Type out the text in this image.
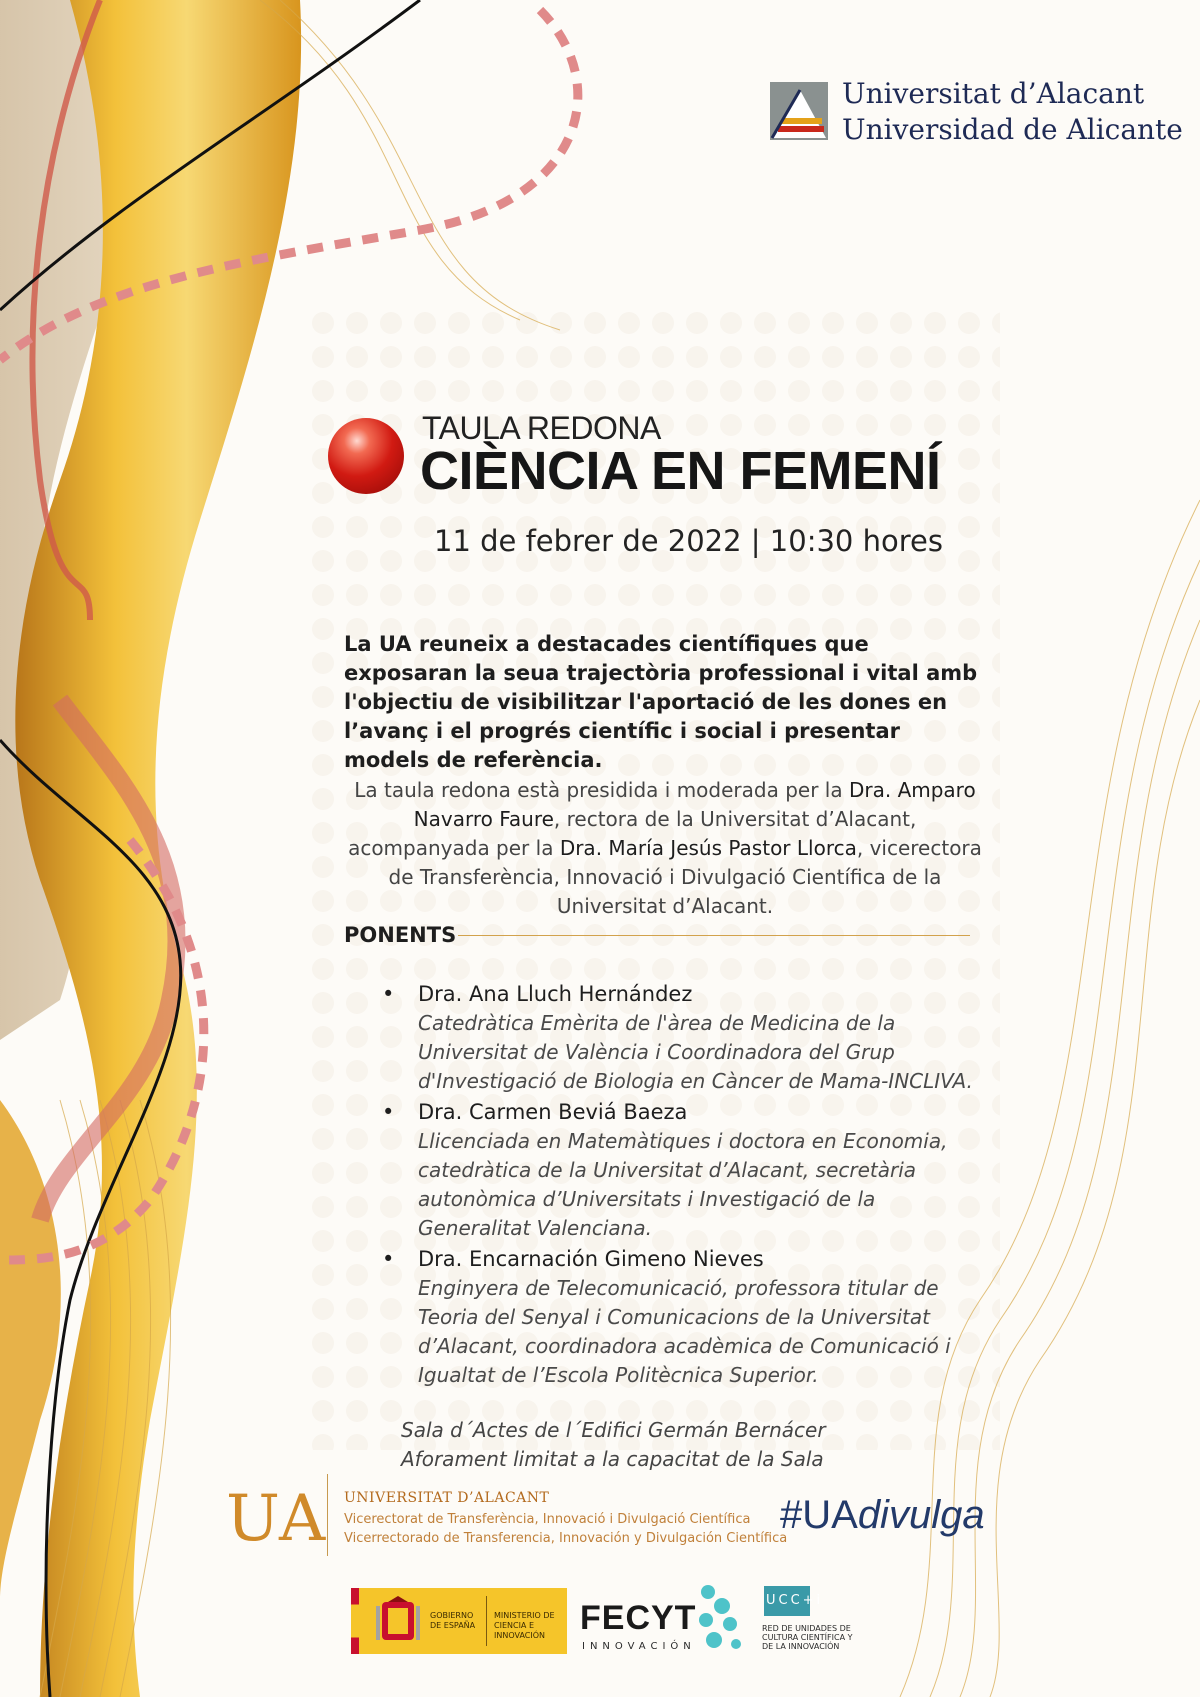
Universitat d’Alacant
Universidad de Alicante
TAULA REDONA
CIÈNCIA EN FEMENÍ
11 de febrer de 2022 | 10:30 hores
La UA reuneix a destacades científiques que exposaran la seua trajectòria professional i vital amb l'objectiu de visibilitzar l'aportació de les dones en l’avanç i el progrés científic i social i presentar models de referència.
La taula redona està presidida i moderada per la Dra. Amparo Navarro Faure, rectora de la Universitat d’Alacant, acompanyada per la Dra. María Jesús Pastor Llorca, vicerectora de Transferència, Innovació i Divulgació Científica de la Universitat d’Alacant.
PONENTS
• Dra. Ana Lluch Hernández
Catedràtica Emèrita de l'àrea de Medicina de la Universitat de València i Coordinadora del Grup d'Investigació de Biologia en Càncer de Mama-INCLIVA.
• Dra. Carmen Beviá Baeza
Llicenciada en Matemàtiques i doctora en Economia, catedràtica de la Universitat d’Alacant, secretària autonòmica d’Universitats i Investigació de la Generalitat Valenciana.
• Dra. Encarnación Gimeno Nieves
Enginyera de Telecomunicació, professora titular de Teoria del Senyal i Comunicacions de la Universitat d’Alacant, coordinadora acadèmica de Comunicació i Igualtat de l’Escola Politècnica Superior.
Sala d´Actes de l´Edifici Germán Bernácer
Aforament limitat a la capacitat de la Sala
UA UNIVERSITAT D’ALACANT
Vicerectorat de Transferència, Innovació i Divulgació Científica
Vicerrectorado de Transferencia, Innovación y Divulgación Científica
#UAdivulga
GOBIERNO DE ESPAÑA
MINISTERIO DE CIENCIA E INNOVACIÓN	FECYT
INNOVACIÓN
UCC+i
RED DE UNIDADES DE CULTURA CIENTÍFICA Y DE LA INNOVACIÓN
